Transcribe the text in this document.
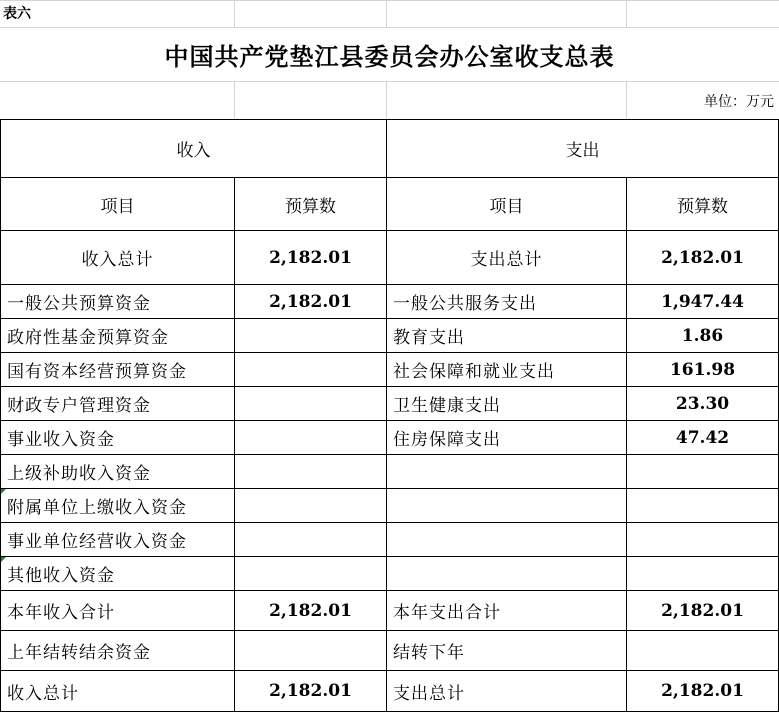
表六
中国共产党垫江县委员会办公室收支总表
单位：万元
收入		支出	
项目	预算数	项目	预算数
收入总计	2,182.01	支出总计	2,182.01
一般公共预算资金	2,182.01	一般公共服务支出	1,947.44
政府性基金预算资金		教育支出	1.86
国有资本经营预算资金		社会保障和就业支出	161.98
财政专户管理资金		卫生健康支出	23.30
事业收入资金		住房保障支出	47.42
上级补助收入资金			
附属单位上缴收入资金			
事业单位经营收入资金			
其他收入资金			
本年收入合计	2,182.01	本年支出合计	2,182.01
上年结转结余资金		结转下年	
收入总计	2,182.01	支出总计	2,182.01
